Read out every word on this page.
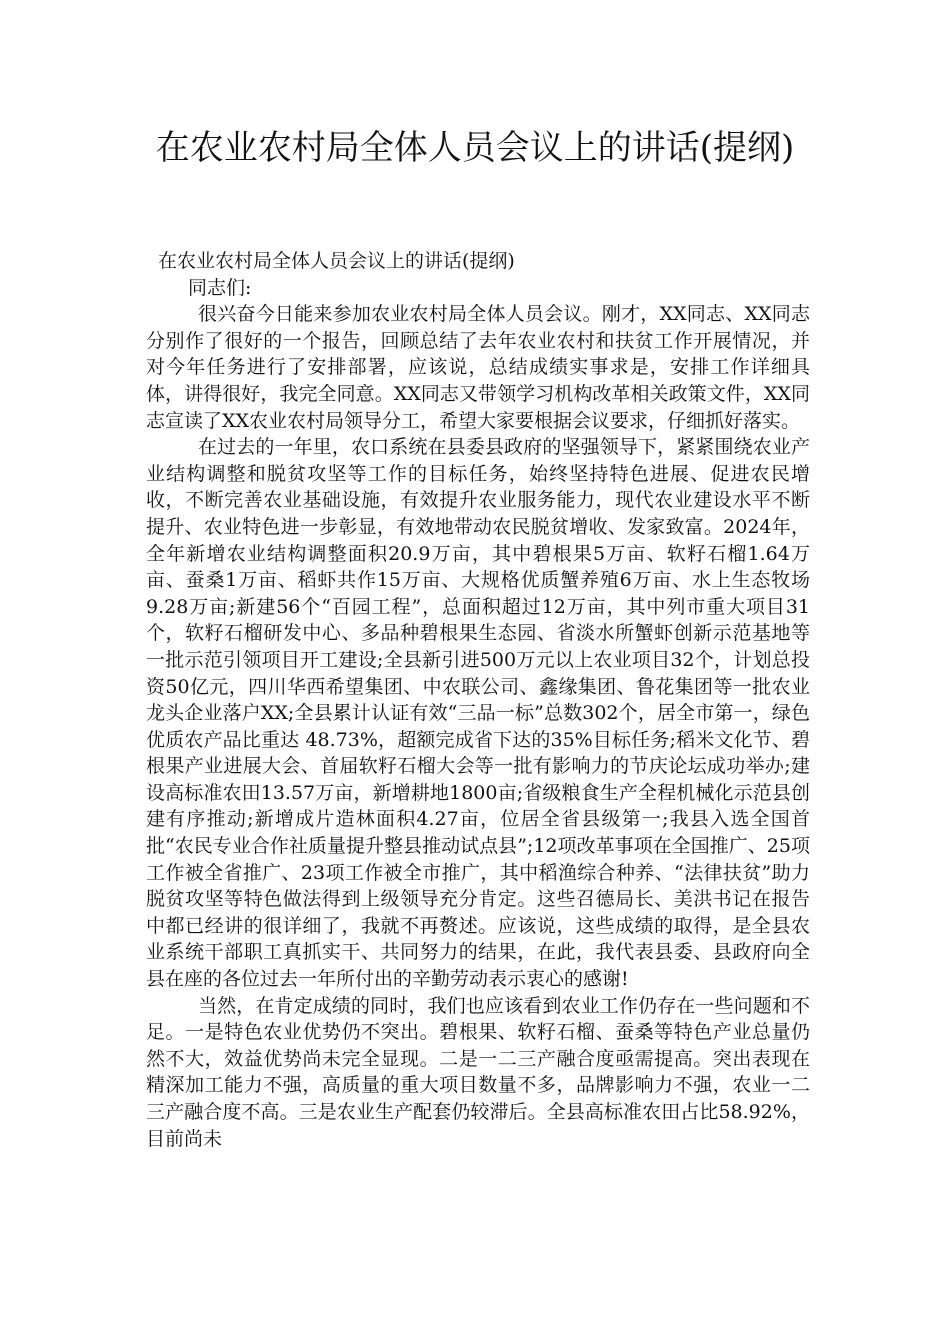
在农业农村局全体人员会议上的讲话(提纲)

在农业农村局全体人员会议上的讲话(提纲)

同志们:

很兴奋今日能来参加农业农村局全体人员会议。刚才，XX同志、XX同志分别作了很好的一个报告，回顾总结了去年农业农村和扶贫工作开展情况，并对今年任务进行了安排部署，应该说，总结成绩实事求是，安排工作详细具体，讲得很好，我完全同意。XX同志又带领学习机构改革相关政策文件，XX同志宣读了XX农业农村局领导分工，希望大家要根据会议要求，仔细抓好落实。

在过去的一年里，农口系统在县委县政府的坚强领导下，紧紧围绕农业产业结构调整和脱贫攻坚等工作的目标任务，始终坚持特色进展、促进农民增收，不断完善农业基础设施，有效提升农业服务能力，现代农业建设水平不断提升、农业特色进一步彰显，有效地带动农民脱贫增收、发家致富。2024年，全年新增农业结构调整面积20.9万亩，其中碧根果5万亩、软籽石榴1.64万亩、蚕桑1万亩、稻虾共作15万亩、大规格优质蟹养殖6万亩、水上生态牧场9.28万亩;新建56个“百园工程”，总面积超过12万亩，其中列市重大项目31个，软籽石榴研发中心、多品种碧根果生态园、省淡水所蟹虾创新示范基地等一批示范引领项目开工建设;全县新引进500万元以上农业项目32个，计划总投资50亿元，四川华西希望集团、中农联公司、鑫缘集团、鲁花集团等一批农业龙头企业落户XX;全县累计认证有效“三品一标”总数302个，居全市第一，绿色优质农产品比重达 48.73%，超额完成省下达的35%目标任务;稻米文化节、碧根果产业进展大会、首届软籽石榴大会等一批有影响力的节庆论坛成功举办;建设高标准农田13.57万亩，新增耕地1800亩;省级粮食生产全程机械化示范县创建有序推动;新增成片造林面积4.27亩，位居全省县级第一;我县入选全国首批“农民专业合作社质量提升整县推动试点县”;12项改革事项在全国推广、25项工作被全省推广、23项工作被全市推广，其中稻渔综合种养、“法律扶贫”助力脱贫攻坚等特色做法得到上级领导充分肯定。这些召德局长、美洪书记在报告中都已经讲的很详细了，我就不再赘述。应该说，这些成绩的取得，是全县农业系统干部职工真抓实干、共同努力的结果，在此，我代表县委、县政府向全县在座的各位过去一年所付出的辛勤劳动表示衷心的感谢!

当然，在肯定成绩的同时，我们也应该看到农业工作仍存在一些问题和不足。一是特色农业优势仍不突出。碧根果、软籽石榴、蚕桑等特色产业总量仍然不大，效益优势尚未完全显现。二是一二三产融合度亟需提高。突出表现在精深加工能力不强，高质量的重大项目数量不多，品牌影响力不强，农业一二三产融合度不高。三是农业生产配套仍较滞后。全县高标准农田占比58.92%，目前尚未
